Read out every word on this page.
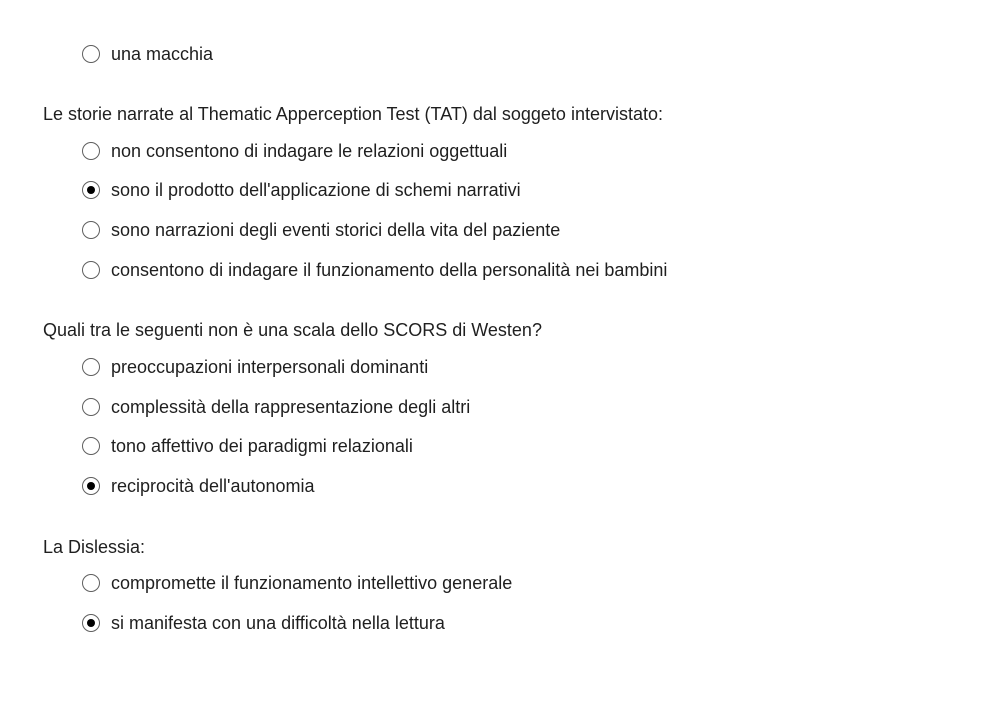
una macchia
Le storie narrate al Thematic Apperception Test (TAT) dal soggeto intervistato:
non consentono di indagare le relazioni oggettuali
sono il prodotto dell'applicazione di schemi narrativi
sono narrazioni degli eventi storici della vita del paziente
consentono di indagare il funzionamento della personalità nei bambini
Quali tra le seguenti non è una scala dello SCORS di Westen?
preoccupazioni interpersonali dominanti
complessità della rappresentazione degli altri
tono affettivo dei paradigmi relazionali
reciprocità dell'autonomia
La Dislessia:
compromette il funzionamento intellettivo generale
si manifesta con una difficoltà nella lettura
